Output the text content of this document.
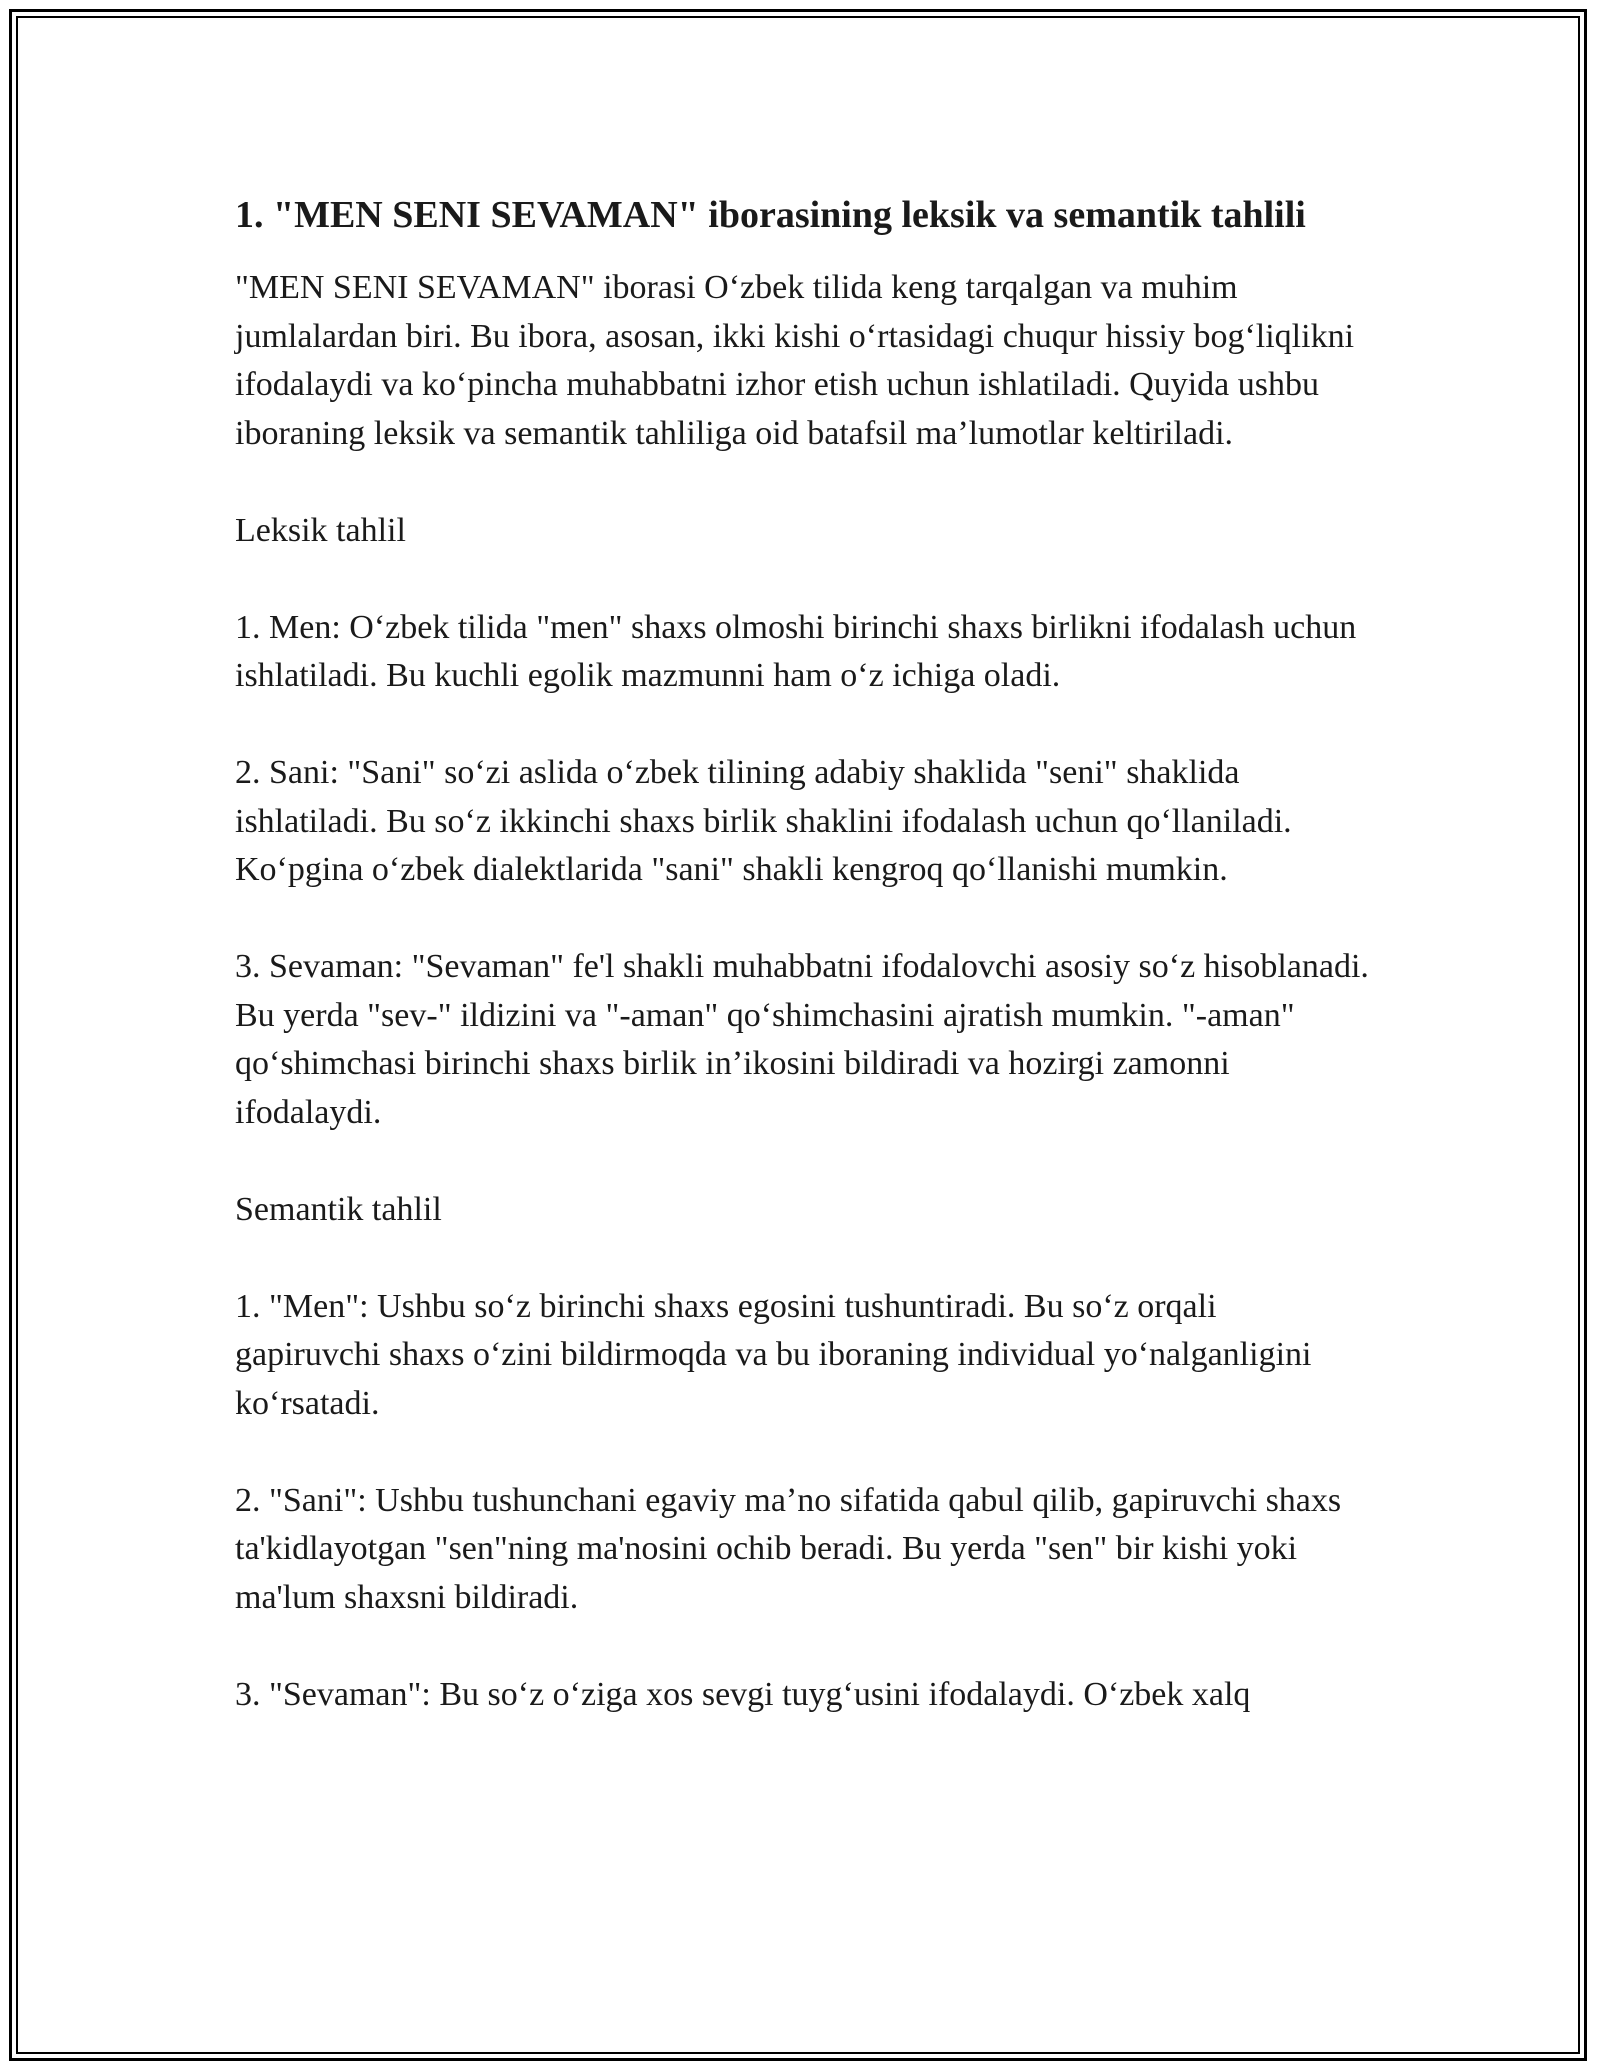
1. "MEN SENI SEVAMAN" iborasining leksik va semantik tahlili

"MEN SENI SEVAMAN" iborasi Oʻzbek tilida keng tarqalgan va muhim jumlalardan biri. Bu ibora, asosan, ikki kishi oʻrtasidagi chuqur hissiy bogʻliqlikni ifodalaydi va koʻpincha muhabbatni izhor etish uchun ishlatiladi. Quyida ushbu iboraning leksik va semantik tahliliga oid batafsil maʼlumotlar keltiriladi.

Leksik tahlil

1. Men: Oʻzbek tilida "men" shaxs olmoshi birinchi shaxs birlikni ifodalash uchun ishlatiladi. Bu kuchli egolik mazmunni ham oʻz ichiga oladi.

2. Sani: "Sani" soʻzi aslida oʻzbek tilining adabiy shaklida "seni" shaklida ishlatiladi. Bu soʻz ikkinchi shaxs birlik shaklini ifodalash uchun qoʻllaniladi. Koʻpgina oʻzbek dialektlarida "sani" shakli kengroq qoʻllanishi mumkin.

3. Sevaman: "Sevaman" fe'l shakli muhabbatni ifodalovchi asosiy soʻz hisoblanadi. Bu yerda "sev-" ildizini va "-aman" qoʻshimchasini ajratish mumkin. "-aman" qoʻshimchasi birinchi shaxs birlik inʼikosini bildiradi va hozirgi zamonni ifodalaydi.

Semantik tahlil

1. "Men": Ushbu soʻz birinchi shaxs egosini tushuntiradi. Bu soʻz orqali gapiruvchi shaxs oʻzini bildirmoqda va bu iboraning individual yoʻnalganligini koʻrsatadi.

2. "Sani": Ushbu tushunchani egaviy maʼno sifatida qabul qilib, gapiruvchi shaxs ta'kidlayotgan "sen"ning ma'nosini ochib beradi. Bu yerda "sen" bir kishi yoki ma'lum shaxsni bildiradi.

3. "Sevaman": Bu soʻz oʻziga xos sevgi tuygʻusini ifodalaydi. Oʻzbek xalq
